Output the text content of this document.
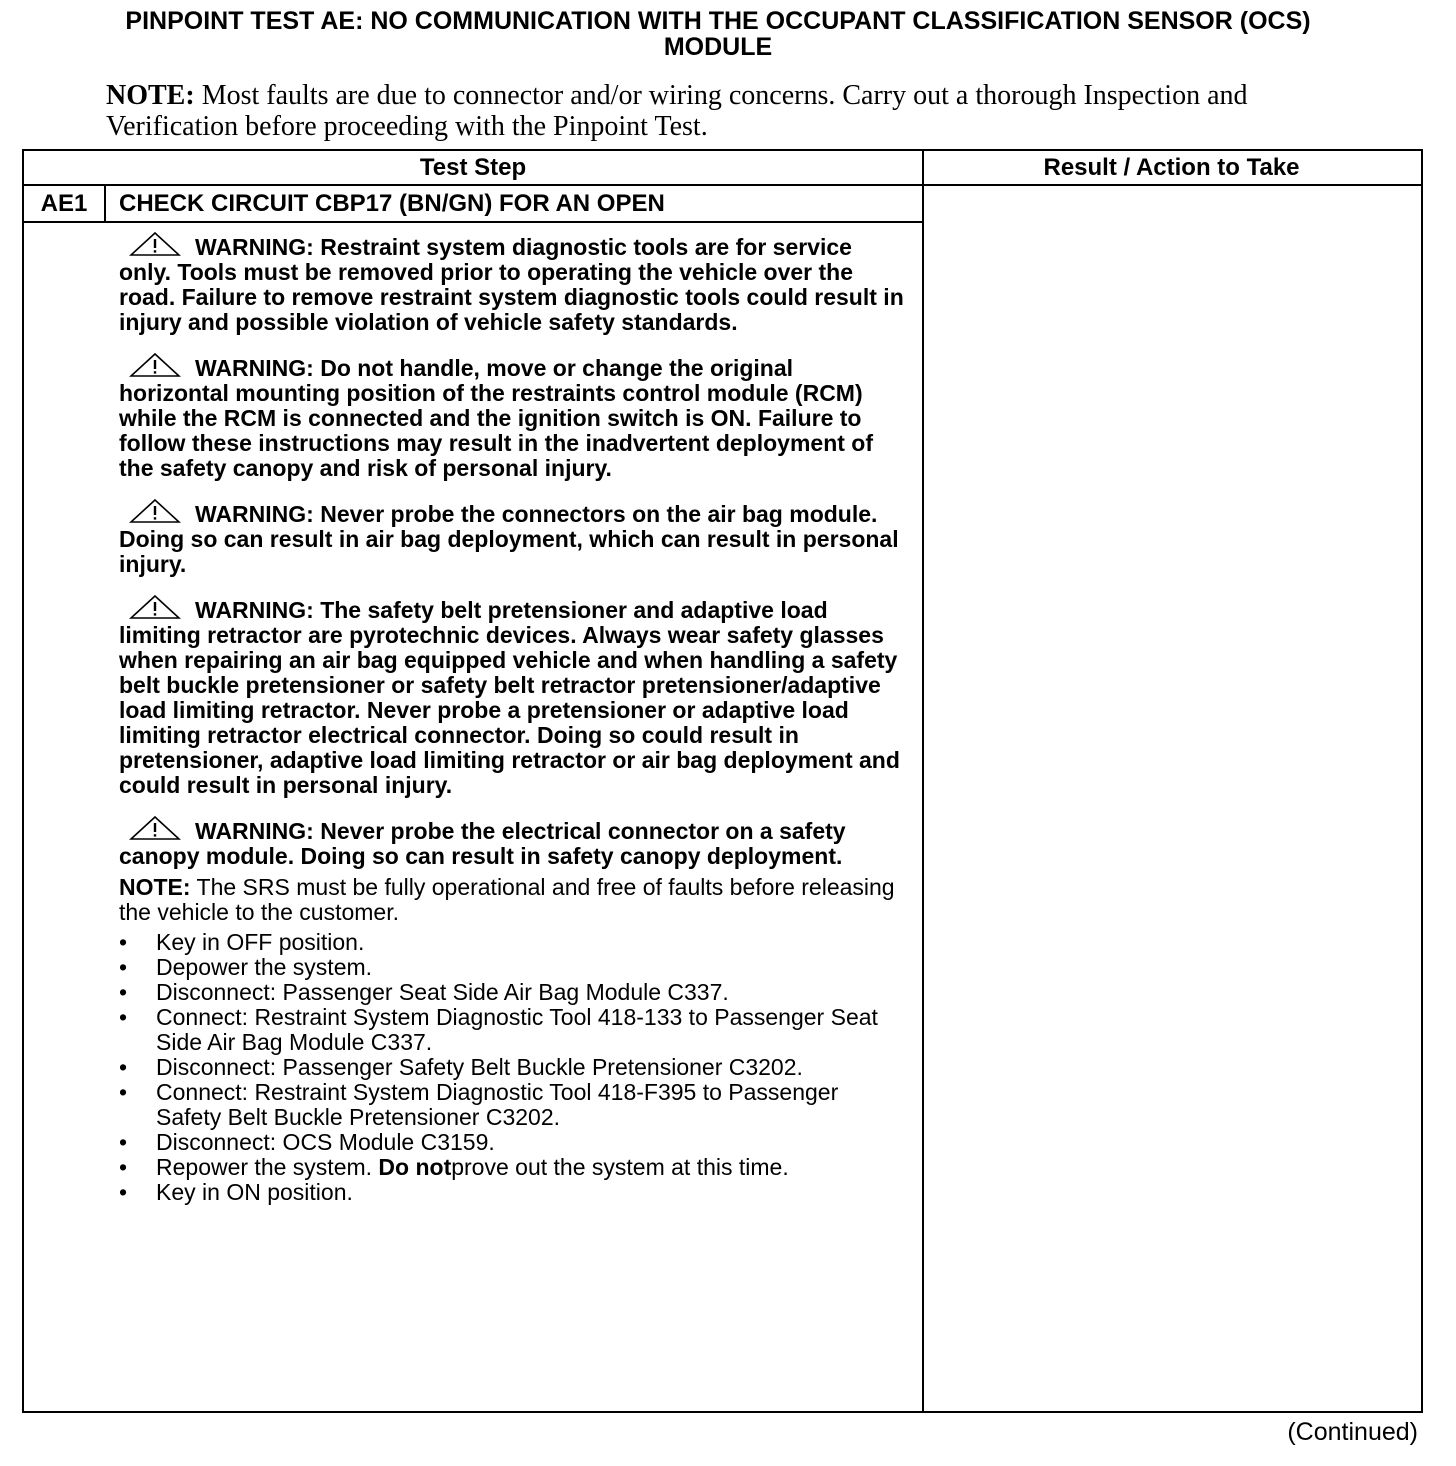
PINPOINT TEST AE: NO COMMUNICATION WITH THE OCCUPANT CLASSIFICATION SENSOR (OCS)
MODULE
NOTE: Most faults are due to connector and/or wiring concerns. Carry out a thorough Inspection and Verification before proceeding with the Pinpoint Test.
Test Step	Result / Action to Take
AE1	CHECK CIRCUIT CBP17 (BN/GN) FOR AN OPEN
WARNING: Restraint system diagnostic tools are for service only. Tools must be removed prior to operating the vehicle over the road. Failure to remove restraint system diagnostic tools could result in injury and possible violation of vehicle safety standards.
WARNING: Do not handle, move or change the original horizontal mounting position of the restraints control module (RCM) while the RCM is connected and the ignition switch is ON. Failure to follow these instructions may result in the inadvertent deployment of the safety canopy and risk of personal injury.
WARNING: Never probe the connectors on the air bag module. Doing so can result in air bag deployment, which can result in personal injury.
WARNING: The safety belt pretensioner and adaptive load limiting retractor are pyrotechnic devices. Always wear safety glasses when repairing an air bag equipped vehicle and when handling a safety belt buckle pretensioner or safety belt retractor pretensioner/adaptive load limiting retractor. Never probe a pretensioner or adaptive load limiting retractor electrical connector. Doing so could result in pretensioner, adaptive load limiting retractor or air bag deployment and could result in personal injury.
WARNING: Never probe the electrical connector on a safety canopy module. Doing so can result in safety canopy deployment.
NOTE: The SRS must be fully operational and free of faults before releasing the vehicle to the customer.
• Key in OFF position.
• Depower the system.
• Disconnect: Passenger Seat Side Air Bag Module C337.
• Connect: Restraint System Diagnostic Tool 418-133 to Passenger Seat Side Air Bag Module C337.
• Disconnect: Passenger Safety Belt Buckle Pretensioner C3202.
• Connect: Restraint System Diagnostic Tool 418-F395 to Passenger Safety Belt Buckle Pretensioner C3202.
• Disconnect: OCS Module C3159.
• Repower the system. Do notprove out the system at this time.
• Key in ON position.
(Continued)
